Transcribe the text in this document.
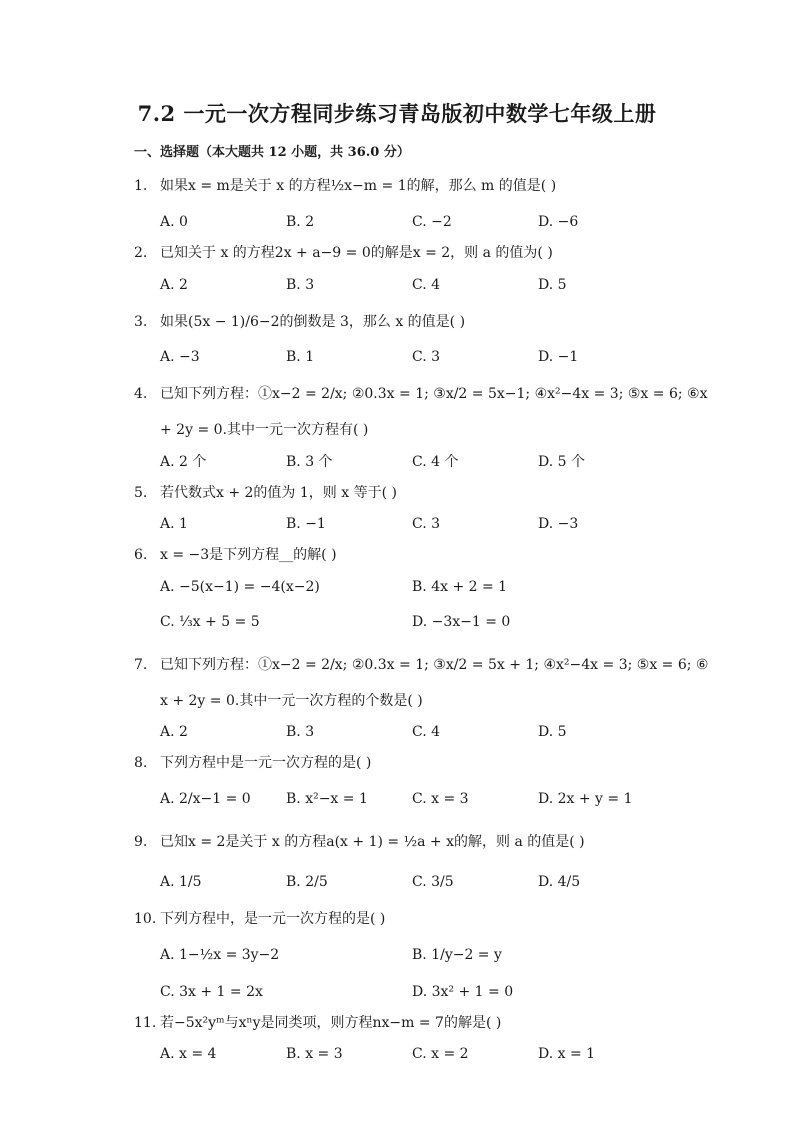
7.2 一元一次方程同步练习青岛版初中数学七年级上册
一、选择题（本大题共 12 小题，共 36.0 分）
1. 如果x = m是关于 x 的方程½x−m = 1的解，那么 m 的值是( )
A. 0	B. 2	C. −2	D. −6
2. 已知关于 x 的方程2x + a−9 = 0的解是x = 2，则 a 的值为( )
A. 2	B. 3	C. 4	D. 5
3. 如果(5x − 1)/6−2的倒数是 3，那么 x 的值是( )
A. −3	B. 1	C. 3	D. −1
4. 已知下列方程：①x−2 = 2/x; ②0.3x = 1; ③x/2 = 5x−1; ④x²−4x = 3; ⑤x = 6; ⑥x
+ 2y = 0.其中一元一次方程有( )
A. 2 个	B. 3 个	C. 4 个	D. 5 个
5. 若代数式x + 2的值为 1，则 x 等于( )
A. 1	B. −1	C. 3	D. −3
6. x = −3是下列方程__的解( )
A. −5(x−1) = −4(x−2)	B. 4x + 2 = 1
C. ⅓x + 5 = 5	D. −3x−1 = 0
7. 已知下列方程：①x−2 = 2/x; ②0.3x = 1; ③x/2 = 5x + 1; ④x²−4x = 3; ⑤x = 6; ⑥
x + 2y = 0.其中一元一次方程的个数是( )
A. 2	B. 3	C. 4	D. 5
8. 下列方程中是一元一次方程的是( )
A. 2/x−1 = 0	B. x²−x = 1	C. x = 3	D. 2x + y = 1
9. 已知x = 2是关于 x 的方程a(x + 1) = ½a + x的解，则 a 的值是( )
A. 1/5	B. 2/5	C. 3/5	D. 4/5
10. 下列方程中，是一元一次方程的是( )
A. 1−½x = 3y−2	B. 1/y−2 = y
C. 3x + 1 = 2x	D. 3x² + 1 = 0
11. 若−5x²yᵐ与xⁿy是同类项，则方程nx−m = 7的解是( )
A. x = 4	B. x = 3	C. x = 2	D. x = 1
